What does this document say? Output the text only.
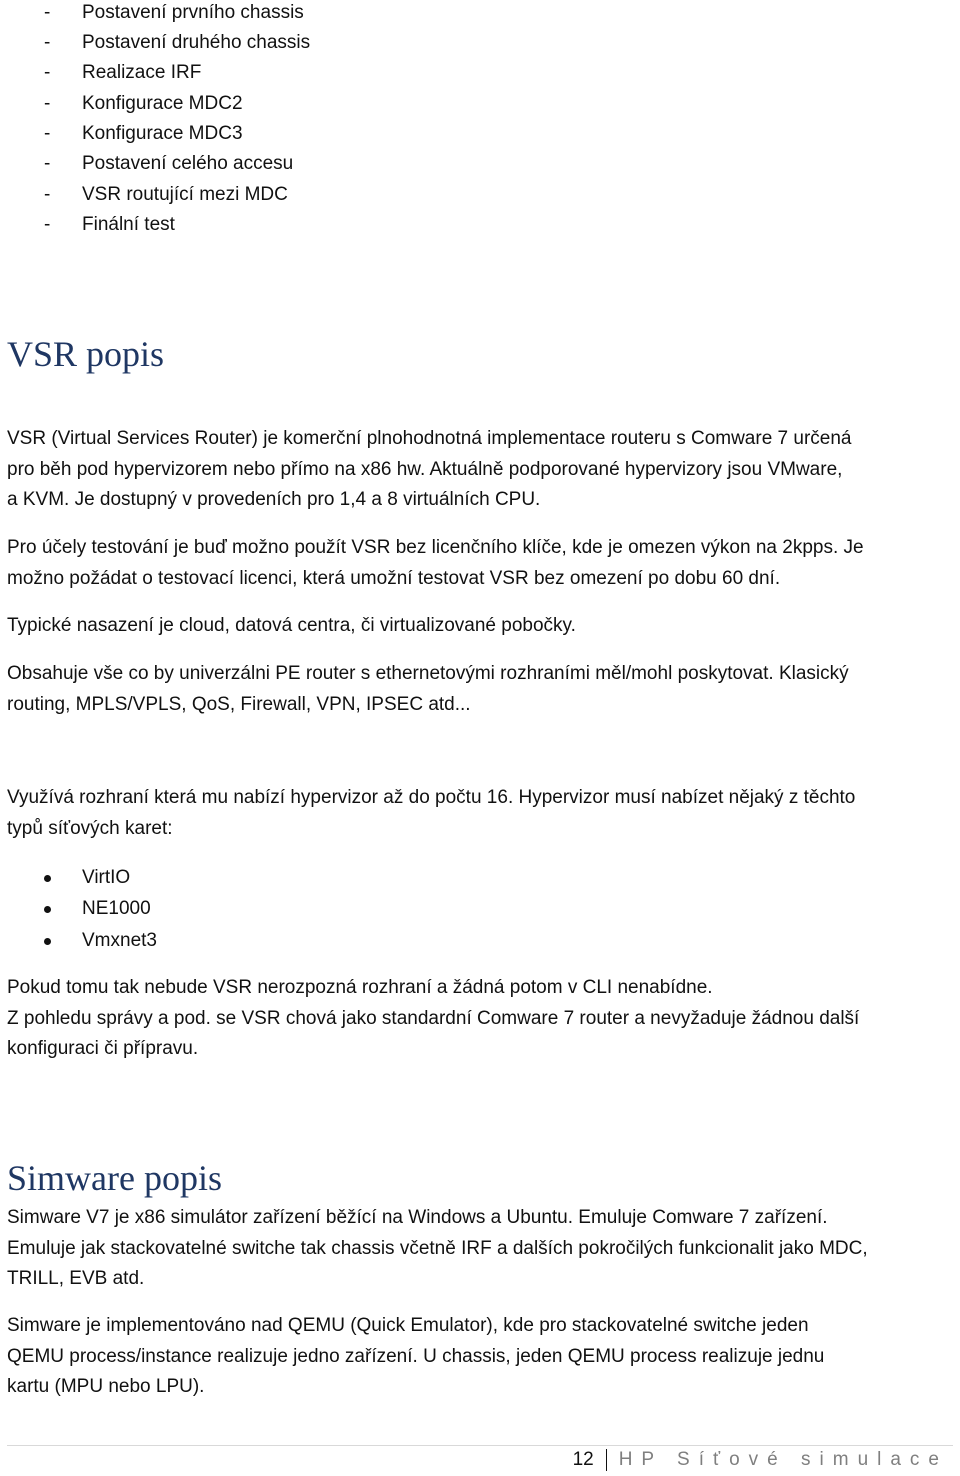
- Postavení prvního chassis
- Postavení druhého chassis
- Realizace IRF
- Konfigurace MDC2
- Konfigurace MDC3
- Postavení celého accesu
- VSR routující mezi MDC
- Finální test
VSR popis

VSR (Virtual Services Router) je komerční plnohodnotná implementace routeru s Comware 7 určená
pro běh pod hypervizorem nebo přímo na x86 hw. Aktuálně podporované hypervizory jsou VMware,
a KVM. Je dostupný v provedeních pro 1,4 a 8 virtuálních CPU.

Pro účely testování je buď možno použít VSR bez licenčního klíče, kde je omezen výkon na 2kpps. Je
možno požádat o testovací licenci, která umožní testovat VSR bez omezení po dobu 60 dní.

Typické nasazení je cloud, datová centra, či virtualizované pobočky.

Obsahuje vše co by univerzálni PE router s ethernetovými rozhraními měl/mohl poskytovat. Klasický
routing, MPLS/VPLS, QoS, Firewall, VPN, IPSEC atd...

Využívá rozhraní která mu nabízí hypervizor až do počtu 16. Hypervizor musí nabízet nějaký z těchto
typů síťových karet:

VirtIO
NE1000
Vmxnet3

Pokud tomu tak nebude VSR nerozpozná rozhraní a žádná potom v CLI nenabídne.
Z pohledu správy a pod. se VSR chová jako standardní Comware 7 router a nevyžaduje žádnou další
konfiguraci či přípravu.

Simware popis

Simware V7 je x86 simulátor zařízení běžící na Windows a Ubuntu. Emuluje Comware 7 zařízení.
Emuluje jak stackovatelné switche tak chassis včetně IRF a dalších pokročilých funkcionalit jako MDC,
TRILL, EVB atd.

Simware je implementováno nad QEMU (Quick Emulator), kde pro stackovatelné switche jeden
QEMU process/instance realizuje jedno zařízení. U chassis, jeden QEMU process realizuje jednu
kartu (MPU nebo LPU).

12 HP Síťové simulace
